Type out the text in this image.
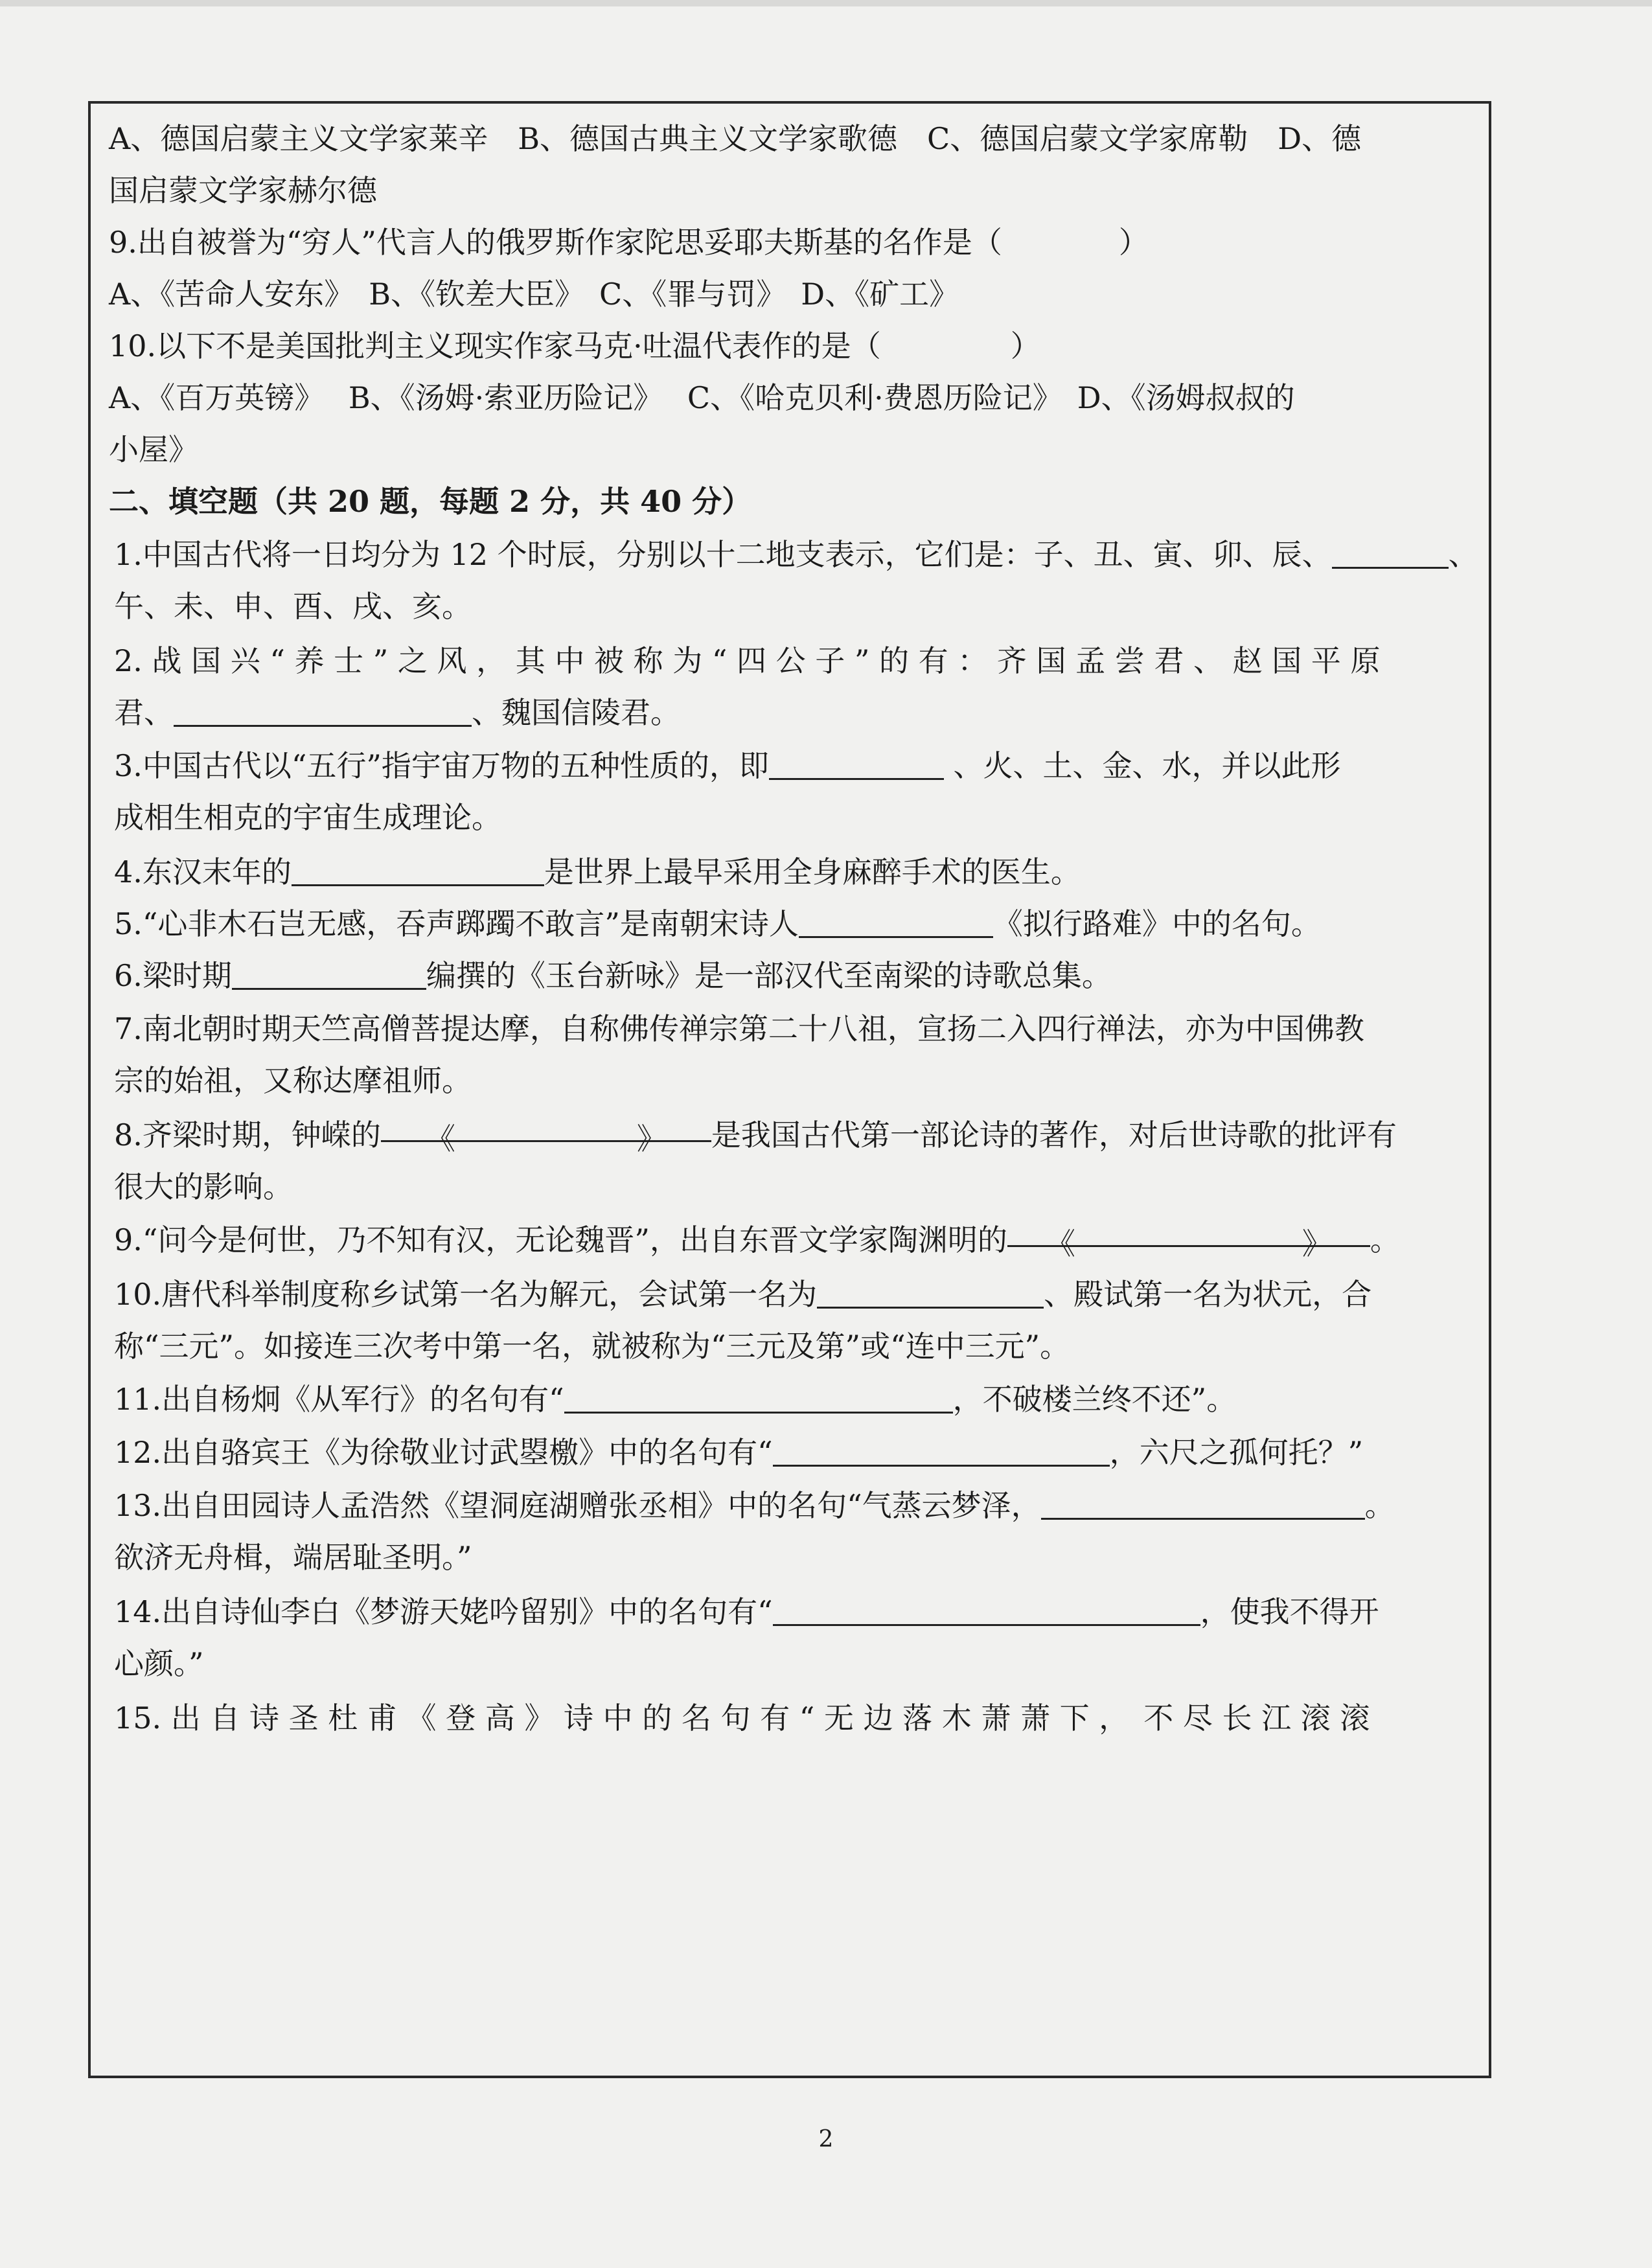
A、德国启蒙主义文学家莱辛　B、德国古典主义文学家歌德　C、德国启蒙文学家席勒　D、德
国启蒙文学家赫尔德
9.出自被誉为“穷人”代言人的俄罗斯作家陀思妥耶夫斯基的名作是（	）
A、《苦命人安东》　B、《钦差大臣》　C、《罪与罚》　D、《矿工》
10.以下不是美国批判主义现实作家马克·吐温代表作的是（	）
A、《百万英镑》　 B、《汤姆·索亚历险记》　 C、《哈克贝利·费恩历险记》　D、《汤姆叔叔的
小屋》
二、填空题（共 20 题，每题 2 分，共 40 分）
1.中国古代将一日均分为 12 个时辰，分别以十二地支表示，它们是：子、丑、寅、卯、辰、	、
午、未、申、酉、戌、亥。
2. 战 国 兴 “ 养 士 ” 之 风 ， 其 中 被 称 为 “ 四 公 子 ” 的 有 ： 齐 国 孟 尝 君 、 赵 国 平 原
君、	、魏国信陵君。
3.中国古代以“五行”指宇宙万物的五种性质的，即	、火、土、金、水，并以此形
成相生相克的宇宙生成理论。
4.东汉末年的	是世界上最早采用全身麻醉手术的医生。
5.“心非木石岂无感，吞声踯躅不敢言”是南朝宋诗人	《拟行路难》中的名句。
6.梁时期	编撰的《玉台新咏》是一部汉代至南梁的诗歌总集。
7.南北朝时期天竺高僧菩提达摩，自称佛传禅宗第二十八祖，宣扬二入四行禅法，亦为中国佛教
宗的始祖，又称达摩祖师。
8.齐梁时期，钟嵘的 《	》 是我国古代第一部论诗的著作，对后世诗歌的批评有
很大的影响。
9.“问今是何世，乃不知有汉，无论魏晋”，出自东晋文学家陶渊明的 《	》 。
10.唐代科举制度称乡试第一名为解元，会试第一名为	、殿试第一名为状元，合
称“三元”。如接连三次考中第一名，就被称为“三元及第”或“连中三元”。
11.出自杨炯《从军行》的名句有“	，不破楼兰终不还”。
12.出自骆宾王《为徐敬业讨武曌檄》中的名句有“	，六尺之孤何托？”
13.出自田园诗人孟浩然《望洞庭湖赠张丞相》中的名句“气蒸云梦泽，	。
欲济无舟楫，端居耻圣明。”
14.出自诗仙李白《梦游天姥吟留别》中的名句有“	，使我不得开
心颜。”
15. 出 自 诗 圣 杜 甫 《 登 高 》 诗 中 的 名 句 有 “ 无 边 落 木 萧 萧 下 ，　不 尽 长 江 滚 滚
2
